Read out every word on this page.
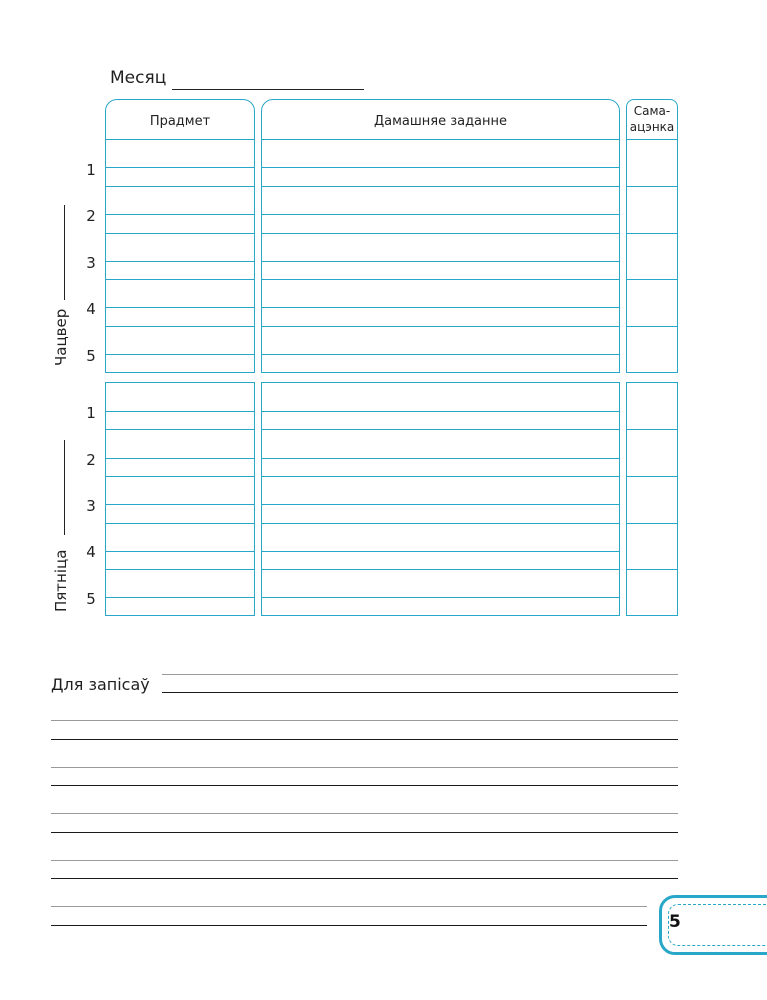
Месяц
Прадмет	Дамашняе заданне
Сама-
ацэнка
1
2
3
4
5
1
2
3
4
5
Чацвер
Пятніца
Для запісаў
5
